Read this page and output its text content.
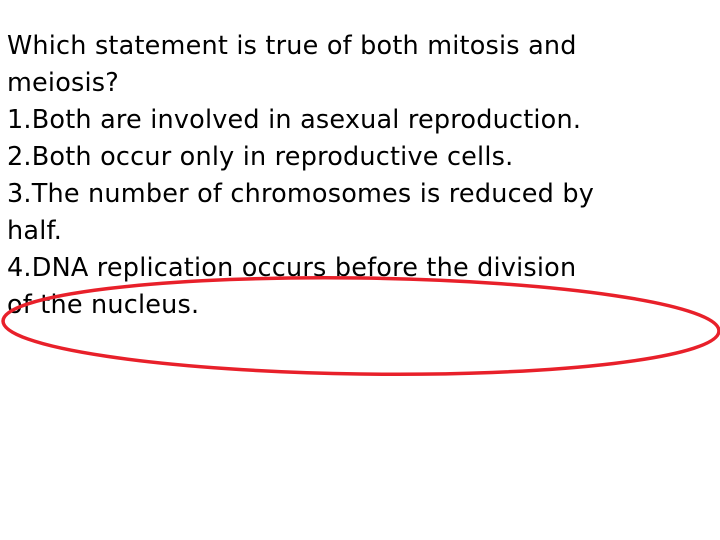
Which statement is true of both mitosis and
meiosis?
1.Both are involved in asexual reproduction.
2.Both occur only in reproductive cells.
3.The number of chromosomes is reduced by
half.
4.DNA replication occurs before the division
of the nucleus.
